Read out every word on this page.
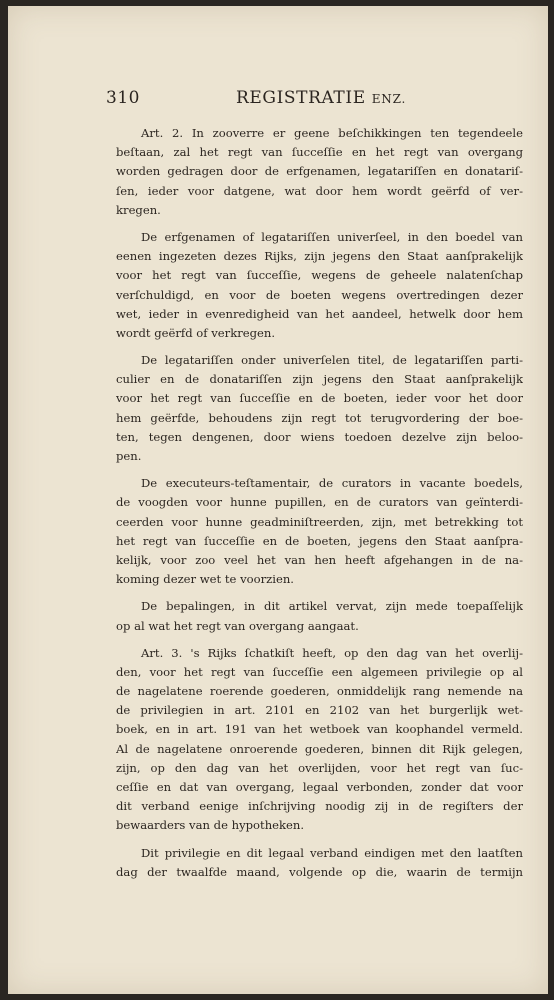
310	REGISTRATIE ENZ.
Art. 2. In zooverre er geene beſchikkingen ten tegendeele
beſtaan, zal het regt van ſucceſſie en het regt van overgang
worden gedragen door de erfgenamen, legatariſſen en donatariſ-
ſen, ieder voor datgene, wat door hem wordt geërfd of ver-
kregen.
De erfgenamen of legatariſſen univerſeel, in den boedel van
eenen ingezeten dezes Rijks, zijn jegens den Staat aanſprakelijk
voor het regt van ſucceſſie, wegens de geheele nalatenſchap
verſchuldigd, en voor de boeten wegens overtredingen dezer
wet, ieder in evenredigheid van het aandeel, hetwelk door hem
wordt geërfd of verkregen.
De legatariſſen onder univerſelen titel, de legatariſſen parti-
culier en de donatariſſen zijn jegens den Staat aanſprakelijk
voor het regt van ſucceſſie en de boeten, ieder voor het door
hem geërfde, behoudens zijn regt tot terugvordering der boe-
ten, tegen dengenen, door wiens toedoen dezelve zijn beloo-
pen.
De executeurs-teſtamentair, de curators in vacante boedels,
de voogden voor hunne pupillen, en de curators van geïnterdi-
ceerden voor hunne geadminiſtreerden, zijn, met betrekking tot
het regt van ſucceſſie en de boeten, jegens den Staat aanſpra-
kelijk, voor zoo veel het van hen heeft afgehangen in de na-
koming dezer wet te voorzien.
De bepalingen, in dit artikel vervat, zijn mede toepaſſelijk
op al wat het regt van overgang aangaat.
Art. 3. 's Rijks ſchatkiſt heeft, op den dag van het overlij-
den, voor het regt van ſucceſſie een algemeen privilegie op al
de nagelatene roerende goederen, onmiddelijk rang nemende na
de privilegien in art. 2101 en 2102 van het burgerlijk wet-
boek, en in art. 191 van het wetboek van koophandel vermeld.
Al de nagelatene onroerende goederen, binnen dit Rijk gelegen,
zijn, op den dag van het overlijden, voor het regt van ſuc-
ceſſie en dat van overgang, legaal verbonden, zonder dat voor
dit verband eenige inſchrijving noodig zij in de regiſters der
bewaarders van de hypotheken.
Dit privilegie en dit legaal verband eindigen met den laatſten
dag der twaalfde maand, volgende op die, waarin de termijn
